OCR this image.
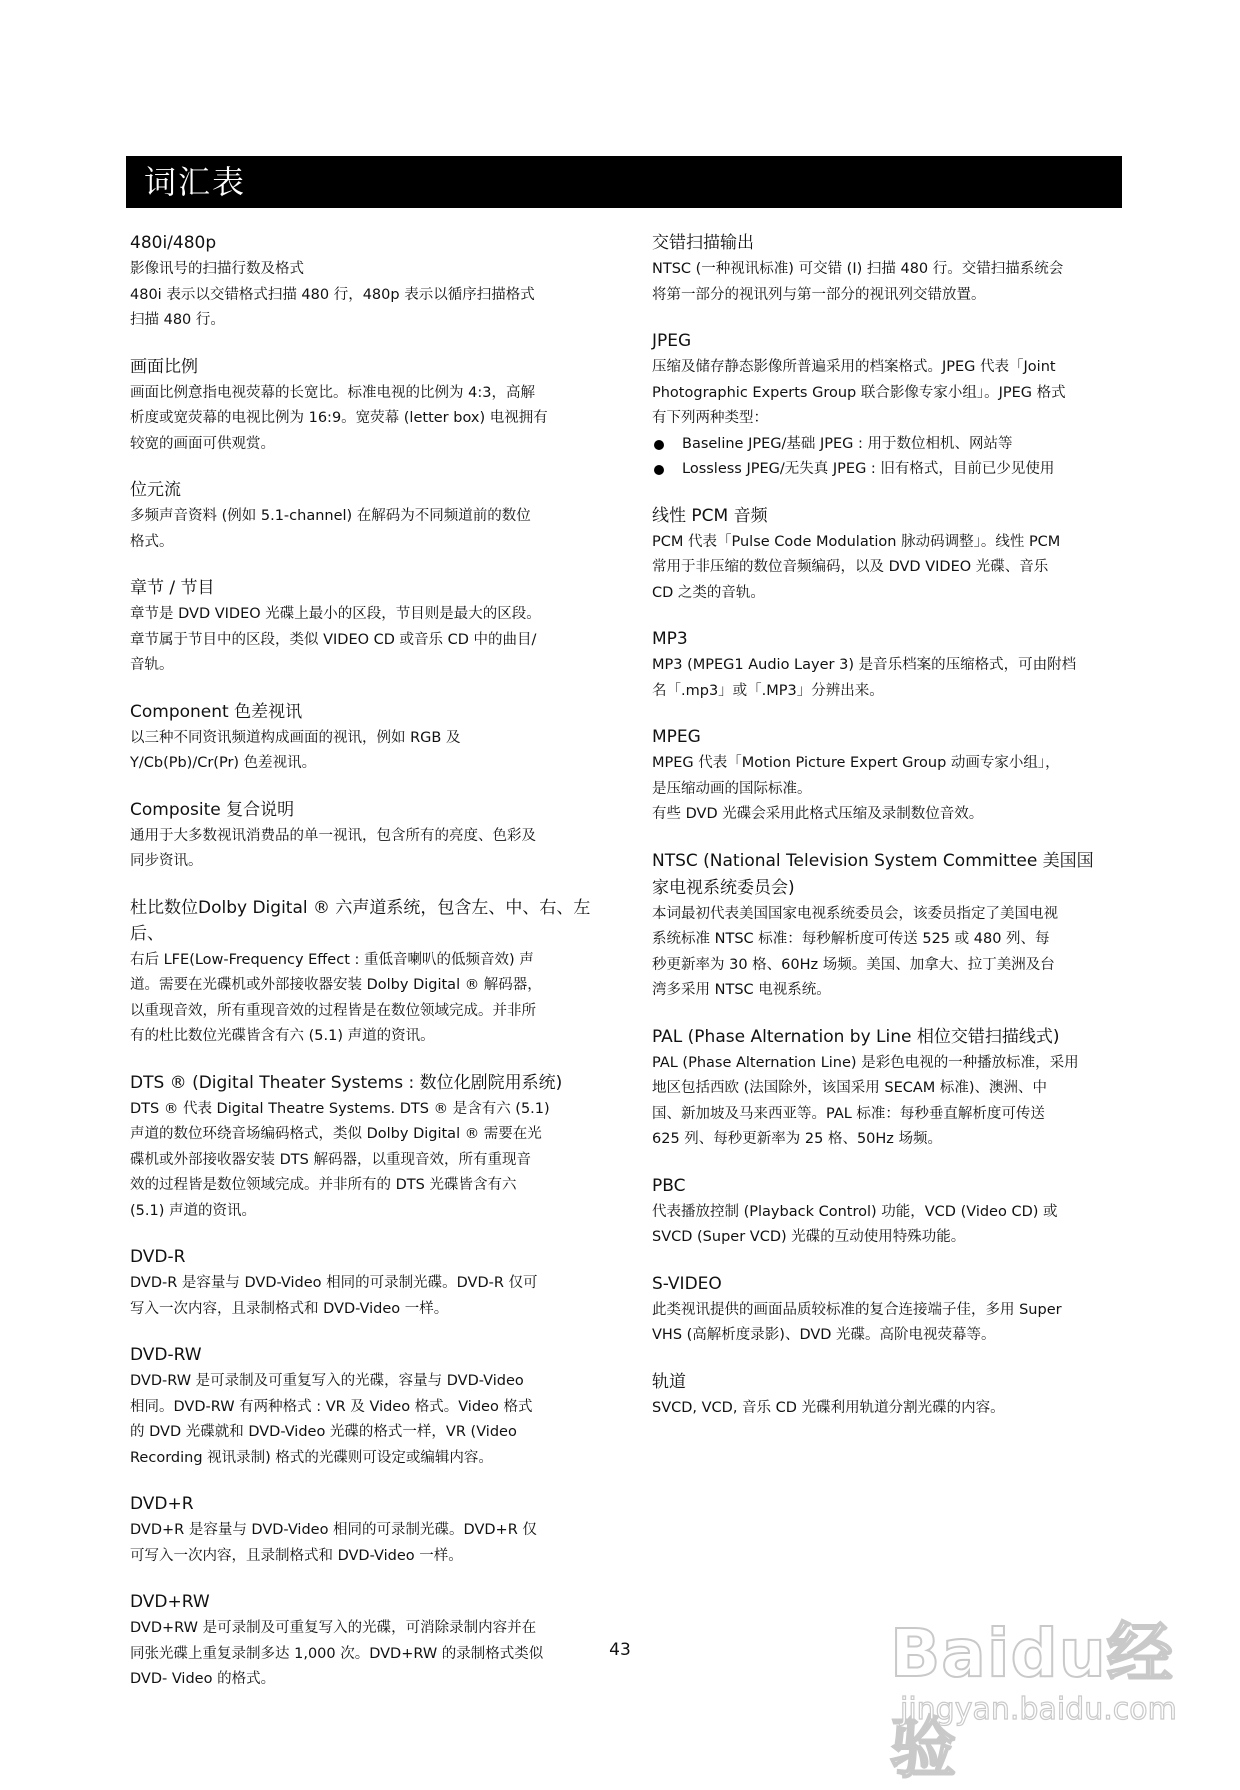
词汇表

480i/480p

影像讯号的扫描行数及格式

480i 表示以交错格式扫描 480 行，480p 表示以循序扫描格式

扫描 480 行。

画面比例

画面比例意指电视荧幕的长宽比。标准电视的比例为 4:3，高解

析度或宽荧幕的电视比例为 16:9。宽荧幕 (letter box) 电视拥有

较宽的画面可供观赏。

位元流

多频声音资料 (例如 5.1-channel) 在解码为不同频道前的数位

格式。

章节 / 节目

章节是 DVD VIDEO 光碟上最小的区段，节目则是最大的区段。

章节属于节目中的区段，类似 VIDEO CD 或音乐 CD 中的曲目/

音轨。

Component 色差视讯

以三种不同资讯频道构成画面的视讯，例如 RGB 及

Y/Cb(Pb)/Cr(Pr) 色差视讯。

Composite 复合说明

通用于大多数视讯消费品的单一视讯，包含所有的亮度、色彩及

同步资讯。

杜比数位Dolby Digital ® 六声道系统，包含左、中、右、左后、

右后 LFE(Low-Frequency Effect : 重低音喇叭的低频音效) 声

道。需要在光碟机或外部接收器安装 Dolby Digital ® 解码器，

以重现音效，所有重现音效的过程皆是在数位领域完成。并非所

有的杜比数位光碟皆含有六 (5.1) 声道的资讯。

DTS ® (Digital Theater Systems : 数位化剧院用系统)

DTS ® 代表 Digital Theatre Systems. DTS ® 是含有六 (5.1)

声道的数位环绕音场编码格式，类似 Dolby Digital ® 需要在光

碟机或外部接收器安装 DTS 解码器，以重现音效，所有重现音

效的过程皆是数位领域完成。并非所有的 DTS 光碟皆含有六

(5.1) 声道的资讯。

DVD-R

DVD-R 是容量与 DVD-Video 相同的可录制光碟。DVD-R 仅可

写入一次内容，且录制格式和 DVD-Video 一样。

DVD-RW

DVD-RW 是可录制及可重复写入的光碟，容量与 DVD-Video

相同。DVD-RW 有两种格式 : VR 及 Video 格式。Video 格式

的 DVD 光碟就和 DVD-Video 光碟的格式一样，VR (Video

Recording 视讯录制) 格式的光碟则可设定或编辑内容。

DVD+R

DVD+R 是容量与 DVD-Video 相同的可录制光碟。DVD+R 仅

可写入一次内容，且录制格式和 DVD-Video 一样。

DVD+RW

DVD+RW 是可录制及可重复写入的光碟，可消除录制内容并在

同张光碟上重复录制多达 1,000 次。DVD+RW 的录制格式类似

DVD- Video 的格式。

交错扫描输出

NTSC (一种视讯标准) 可交错 (I) 扫描 480 行。交错扫描系统会

将第一部分的视讯列与第一部分的视讯列交错放置。

JPEG

压缩及储存静态影像所普遍采用的档案格式。JPEG 代表「Joint

Photographic Experts Group 联合影像专家小组」。JPEG 格式

有下列两种类型：

Baseline JPEG/基础 JPEG : 用于数位相机、网站等

Lossless JPEG/无失真 JPEG : 旧有格式，目前已少见使用

线性 PCM 音频

PCM 代表「Pulse Code Modulation 脉动码调整」。线性 PCM

常用于非压缩的数位音频编码，以及 DVD VIDEO 光碟、音乐

CD 之类的音轨。

MP3

MP3 (MPEG1 Audio Layer 3) 是音乐档案的压缩格式，可由附档

名「.mp3」或「.MP3」分辨出来。

MPEG

MPEG 代表「Motion Picture Expert Group 动画专家小组」，

是压缩动画的国际标准。

有些 DVD 光碟会采用此格式压缩及录制数位音效。

NTSC (National Television System Committee 美国国

家电视系统委员会)

本词最初代表美国国家电视系统委员会，该委员指定了美国电视

系统标准 NTSC 标准：每秒解析度可传送 525 或 480 列、每

秒更新率为 30 格、60Hz 场频。美国、加拿大、拉丁美洲及台

湾多采用 NTSC 电视系统。

PAL (Phase Alternation by Line 相位交错扫描线式)

PAL (Phase Alternation Line) 是彩色电视的一种播放标准，采用

地区包括西欧 (法国除外，该国采用 SECAM 标准)、澳洲、中

国、新加坡及马来西亚等。PAL 标准：每秒垂直解析度可传送

625 列、每秒更新率为 25 格、50Hz 场频。

PBC

代表播放控制 (Playback Control) 功能，VCD (Video CD) 或

SVCD (Super VCD) 光碟的互动使用特殊功能。

S-VIDEO

此类视讯提供的画面品质较标准的复合连接端子佳，多用 Super

VHS (高解析度录影)、DVD 光碟。高阶电视荧幕等。

轨道

SVCD, VCD, 音乐 CD 光碟利用轨道分割光碟的内容。

43	Baidu经验
jingyan.baidu.com
